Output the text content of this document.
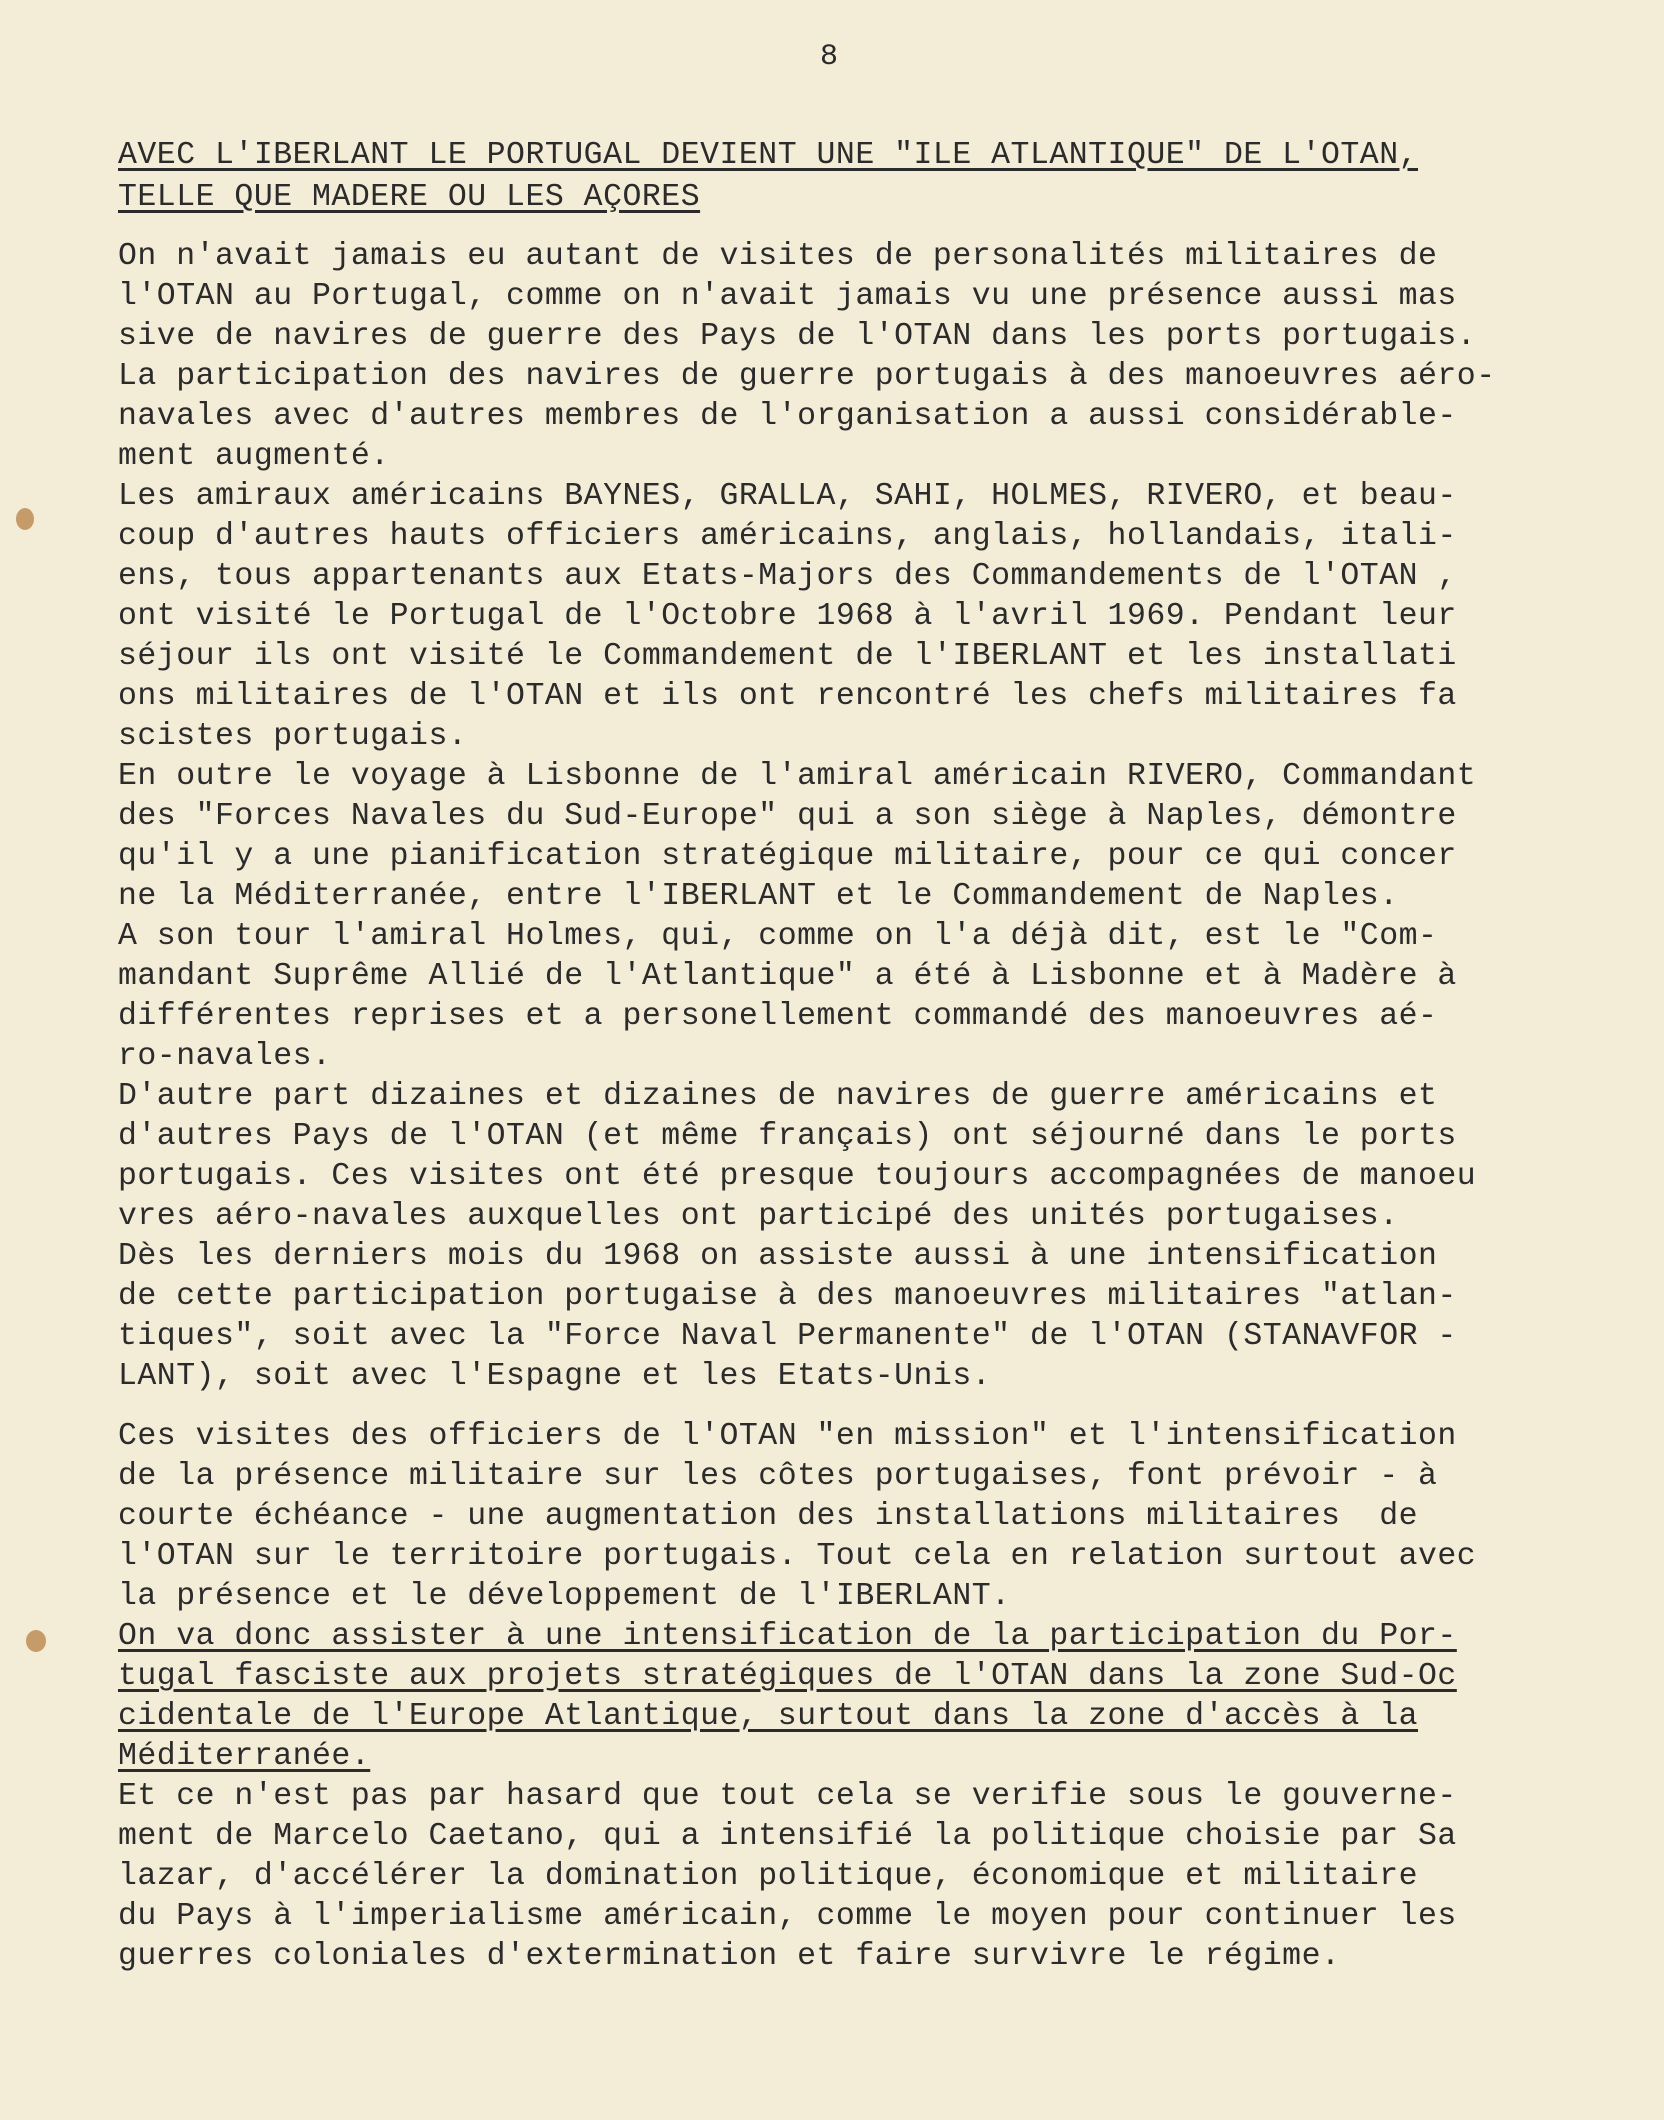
8
AVEC L'IBERLANT LE PORTUGAL DEVIENT UNE "ILE ATLANTIQUE" DE L'OTAN,
TELLE QUE MADERE OU LES AÇORES
On n'avait jamais eu autant de visites de personalités militaires de
l'OTAN au Portugal, comme on n'avait jamais vu une présence aussi mas
sive de navires de guerre des Pays de l'OTAN dans les ports portugais.
La participation des navires de guerre portugais à des manoeuvres aéro-
navales avec d'autres membres de l'organisation a aussi considérable-
ment augmenté.
Les amiraux américains BAYNES, GRALLA, SAHI, HOLMES, RIVERO, et beau-
coup d'autres hauts officiers américains, anglais, hollandais, itali-
ens, tous appartenants aux Etats-Majors des Commandements de l'OTAN ,
ont visité le Portugal de l'Octobre 1968 à l'avril 1969. Pendant leur
séjour ils ont visité le Commandement de l'IBERLANT et les installati
ons militaires de l'OTAN et ils ont rencontré les chefs militaires fa
scistes portugais.
En outre le voyage à Lisbonne de l'amiral américain RIVERO, Commandant
des "Forces Navales du Sud-Europe" qui a son siège à Naples, démontre
qu'il y a une pianification stratégique militaire, pour ce qui concer
ne la Méditerranée, entre l'IBERLANT et le Commandement de Naples.
A son tour l'amiral Holmes, qui, comme on l'a déjà dit, est le "Com-
mandant Suprême Allié de l'Atlantique" a été à Lisbonne et à Madère à
différentes reprises et a personellement commandé des manoeuvres aé-
ro-navales.
D'autre part dizaines et dizaines de navires de guerre américains et
d'autres Pays de l'OTAN (et même français) ont séjourné dans le ports
portugais. Ces visites ont été presque toujours accompagnées de manoeu
vres aéro-navales auxquelles ont participé des unités portugaises.
Dès les derniers mois du 1968 on assiste aussi à une intensification
de cette participation portugaise à des manoeuvres militaires "atlan-
tiques", soit avec la "Force Naval Permanente" de l'OTAN (STANAVFOR -
LANT), soit avec l'Espagne et les Etats-Unis.
Ces visites des officiers de l'OTAN "en mission" et l'intensification
de la présence militaire sur les côtes portugaises, font prévoir - à
courte échéance - une augmentation des installations militaires  de
l'OTAN sur le territoire portugais. Tout cela en relation surtout avec
la présence et le développement de l'IBERLANT.
On va donc assister à une intensification de la participation du Por-
tugal fasciste aux projets stratégiques de l'OTAN dans la zone Sud-Oc
cidentale de l'Europe Atlantique, surtout dans la zone d'accès à la
Méditerranée.
Et ce n'est pas par hasard que tout cela se verifie sous le gouverne-
ment de Marcelo Caetano, qui a intensifié la politique choisie par Sa
lazar, d'accélérer la domination politique, économique et militaire
du Pays à l'imperialisme américain, comme le moyen pour continuer les
guerres coloniales d'extermination et faire survivre le régime.
